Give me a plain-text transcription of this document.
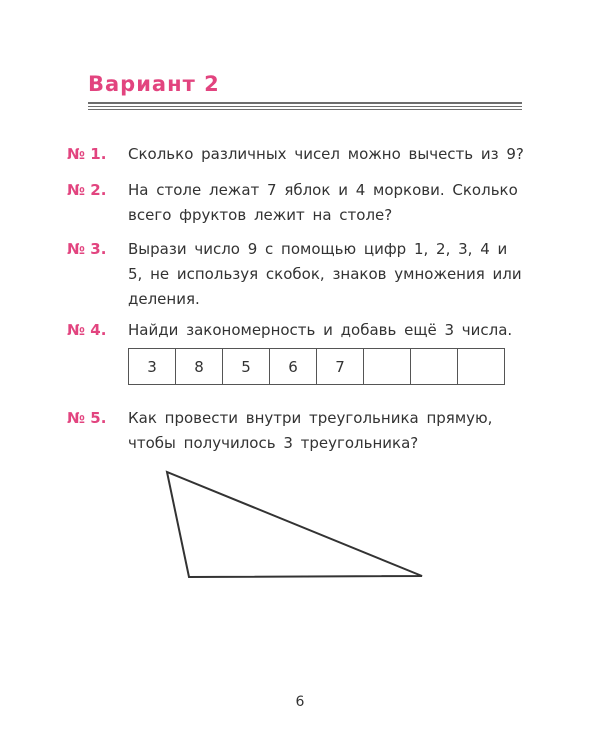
Вариант 2
№ 1. Сколько различных чисел можно вычесть из 9?
№ 2. На столе лежат 7 яблок и 4 моркови. Сколько всего фруктов лежит на столе?
№ 3. Вырази число 9 с помощью цифр 1, 2, 3, 4 и 5, не используя скобок, знаков умножения или деления.
№ 4. Найди закономерность и добавь ещё 3 числа.
3	8	5	6	7			
№ 5. Как провести внутри треугольника прямую, чтобы получилось 3 треугольника?
6
